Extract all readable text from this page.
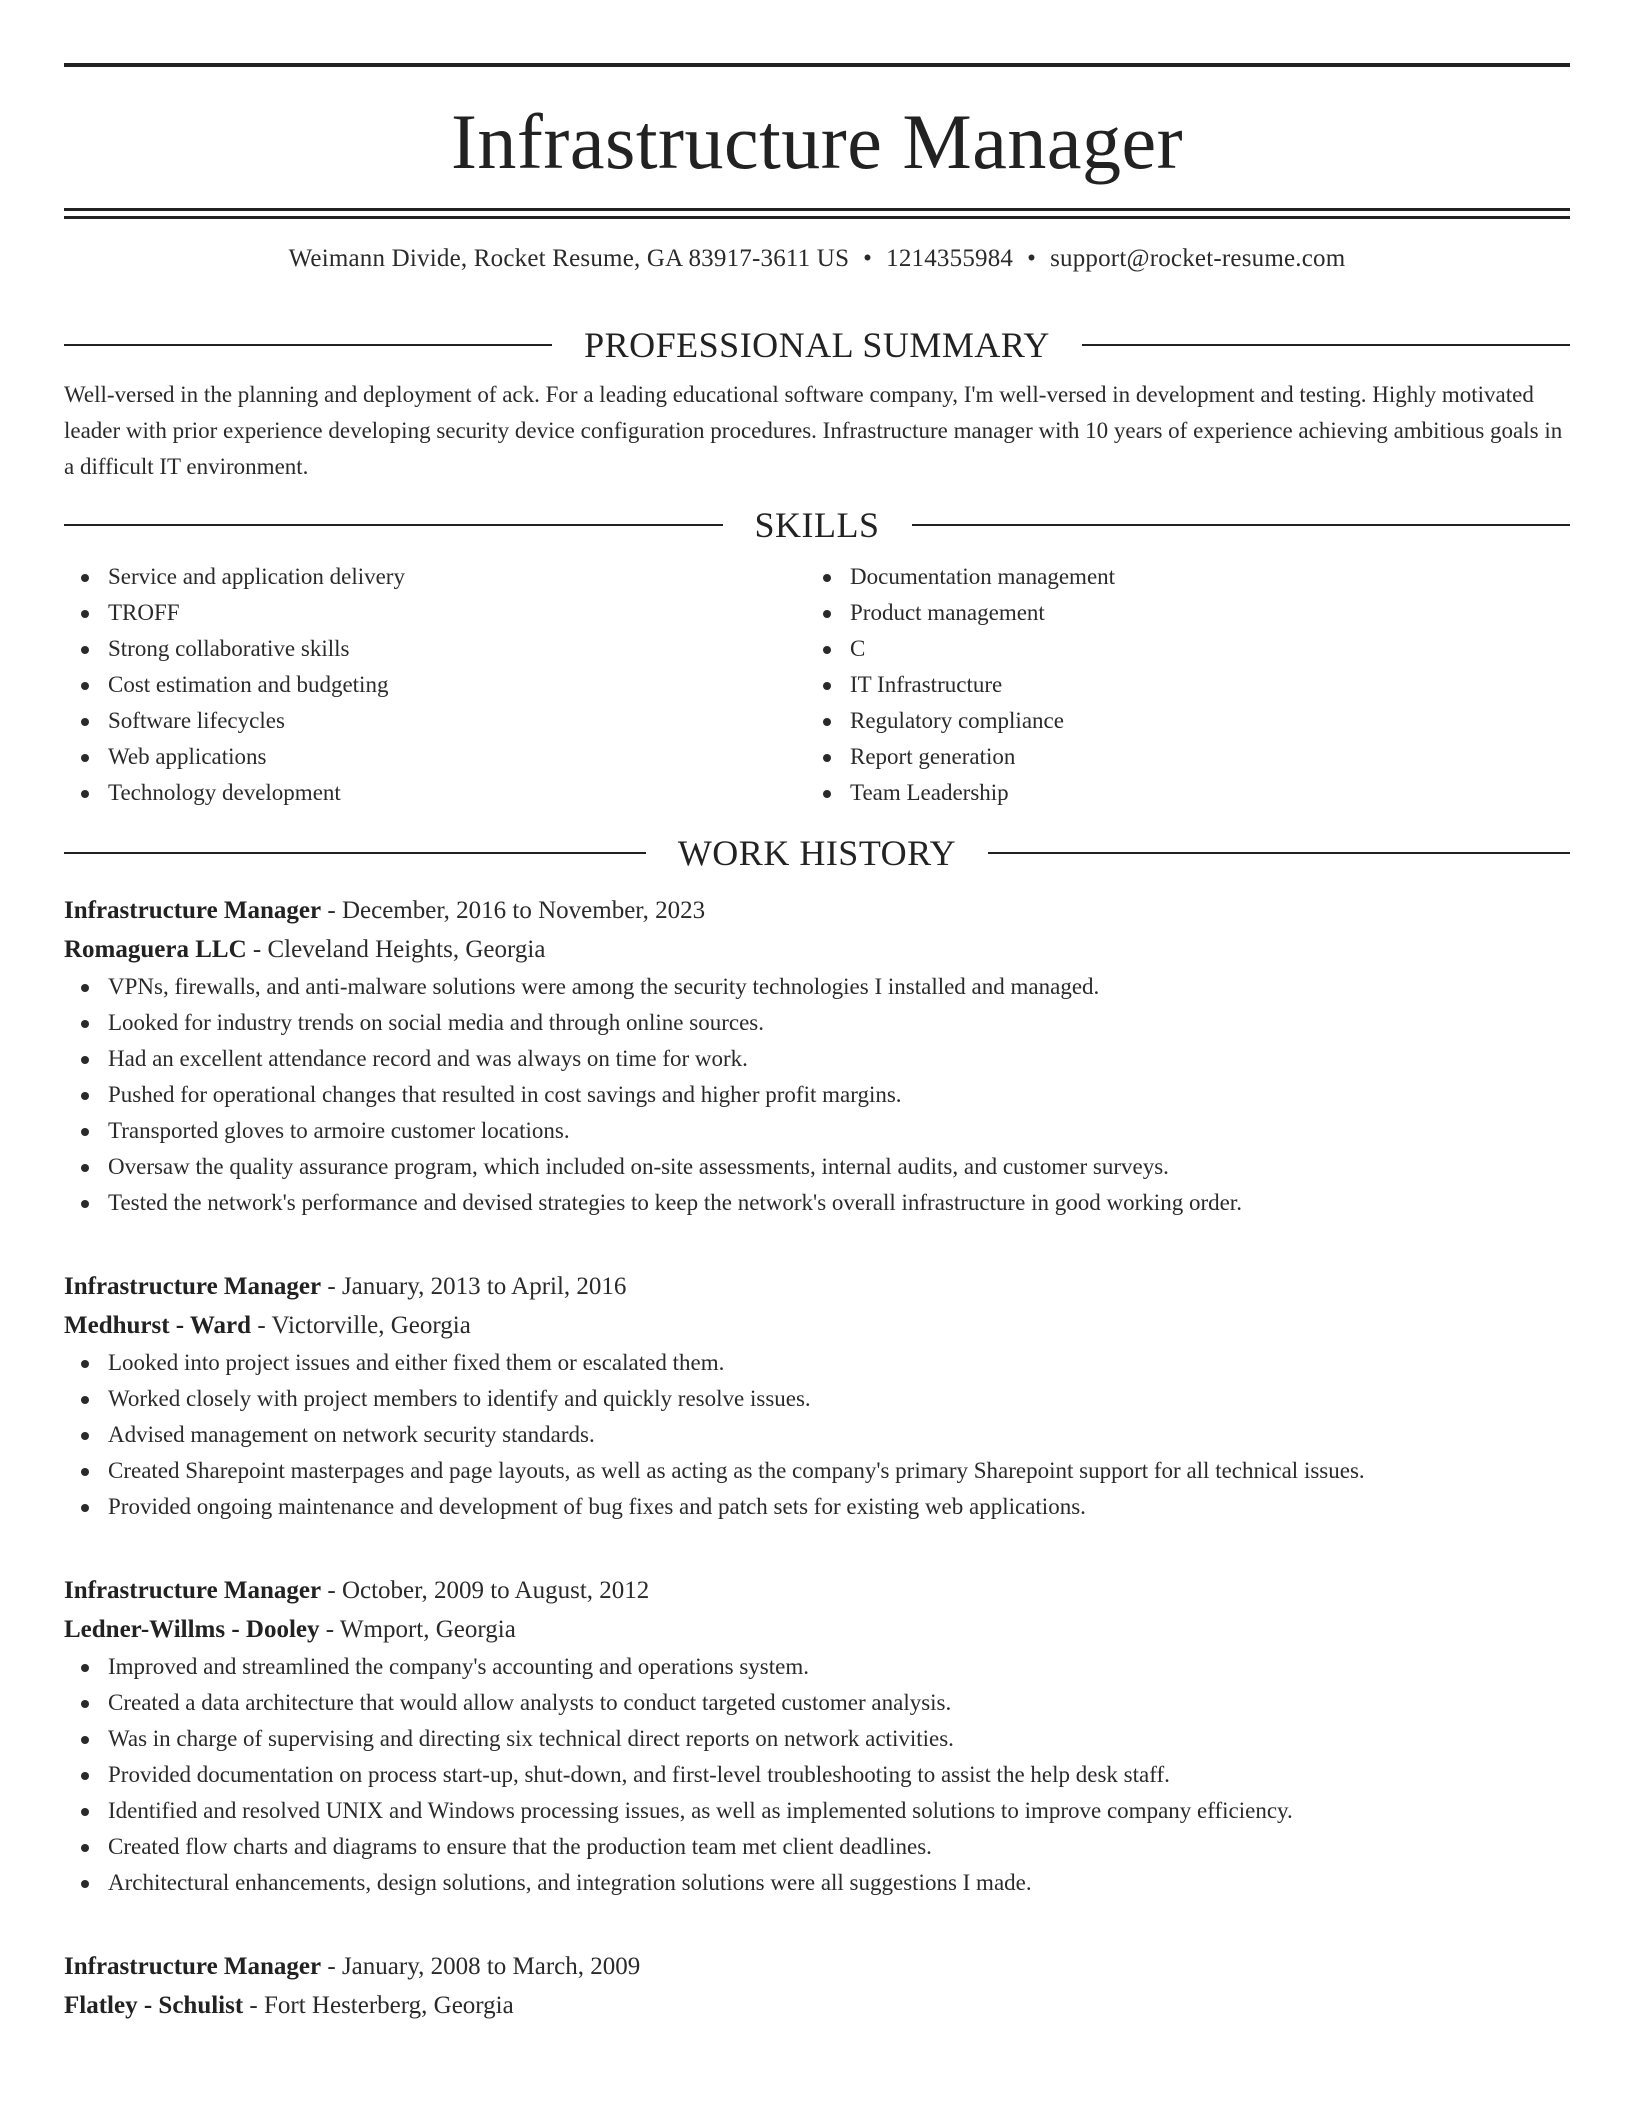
Infrastructure Manager
Weimann Divide, Rocket Resume, GA 83917-3611 US • 1214355984 • support@rocket-resume.com
PROFESSIONAL SUMMARY
Well-versed in the planning and deployment of ack. For a leading educational software company, I'm well-versed in development and testing. Highly motivated leader with prior experience developing security device configuration procedures. Infrastructure manager with 10 years of experience achieving ambitious goals in a difficult IT environment.
SKILLS
Service and application delivery
TROFF
Strong collaborative skills
Cost estimation and budgeting
Software lifecycles
Web applications
Technology development
Documentation management
Product management
C
IT Infrastructure
Regulatory compliance
Report generation
Team Leadership
WORK HISTORY
Infrastructure Manager - December, 2016 to November, 2023
Romaguera LLC - Cleveland Heights, Georgia
VPNs, firewalls, and anti-malware solutions were among the security technologies I installed and managed.
Looked for industry trends on social media and through online sources.
Had an excellent attendance record and was always on time for work.
Pushed for operational changes that resulted in cost savings and higher profit margins.
Transported gloves to armoire customer locations.
Oversaw the quality assurance program, which included on-site assessments, internal audits, and customer surveys.
Tested the network's performance and devised strategies to keep the network's overall infrastructure in good working order.
Infrastructure Manager - January, 2013 to April, 2016
Medhurst - Ward - Victorville, Georgia
Looked into project issues and either fixed them or escalated them.
Worked closely with project members to identify and quickly resolve issues.
Advised management on network security standards.
Created Sharepoint masterpages and page layouts, as well as acting as the company's primary Sharepoint support for all technical issues.
Provided ongoing maintenance and development of bug fixes and patch sets for existing web applications.
Infrastructure Manager - October, 2009 to August, 2012
Ledner-Willms - Dooley - Wmport, Georgia
Improved and streamlined the company's accounting and operations system.
Created a data architecture that would allow analysts to conduct targeted customer analysis.
Was in charge of supervising and directing six technical direct reports on network activities.
Provided documentation on process start-up, shut-down, and first-level troubleshooting to assist the help desk staff.
Identified and resolved UNIX and Windows processing issues, as well as implemented solutions to improve company efficiency.
Created flow charts and diagrams to ensure that the production team met client deadlines.
Architectural enhancements, design solutions, and integration solutions were all suggestions I made.
Infrastructure Manager - January, 2008 to March, 2009
Flatley - Schulist - Fort Hesterberg, Georgia
